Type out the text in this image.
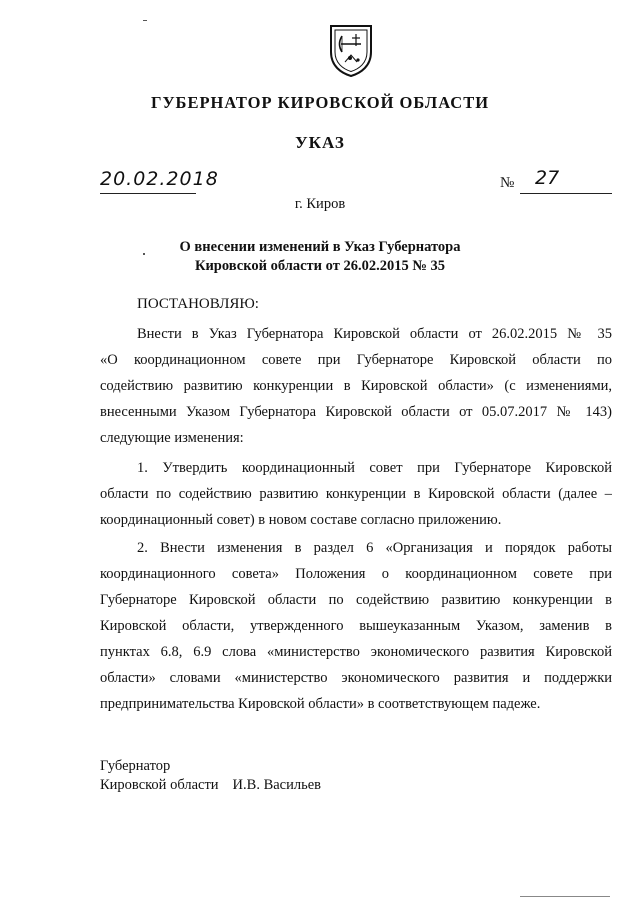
ГУБЕРНАТОР КИРОВСКОЙ ОБЛАСТИ
УКАЗ
20.02.2018	№ 27
г. Киров
О внесении изменений в Указ Губернатора
Кировской области от 26.02.2015 № 35
ПОСТАНОВЛЯЮ:
Внести в Указ Губернатора Кировской области от 26.02.2015 № 35
«О координационном совете при Губернаторе Кировской области по
содействию развитию конкуренции в Кировской области» (с изменениями,
внесенными Указом Губернатора Кировской области от 05.07.2017 № 143)
следующие изменения:
1. Утвердить координационный совет при Губернаторе Кировской
области по содействию развитию конкуренции в Кировской области (далее –
координационный совет) в новом составе согласно приложению.
2. Внести изменения в раздел 6 «Организация и порядок работы
координационного совета» Положения о координационном совете при
Губернаторе Кировской области по содействию развитию конкуренции в
Кировской области, утвержденного вышеуказанным Указом, заменив в
пунктах 6.8, 6.9 слова «министерство экономического развития Кировской
области» словами «министерство экономического развития и поддержки
предпринимательства Кировской области» в соответствующем падеже.
Губернатор
Кировской области И.В. Васильев
